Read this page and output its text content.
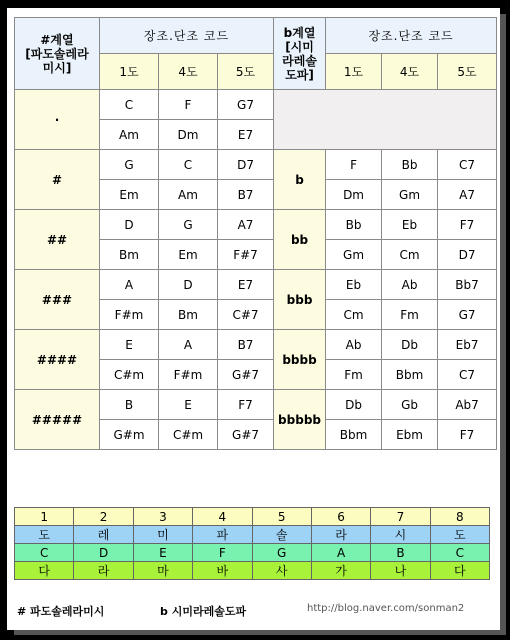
#계열
[파도솔레라
미시]	장조.단조 코드			b계열
[시미
라레솔
도파]	장조.단조 코드		
	1도	4도	5도		1도	4도	5도
·	C	F	G7				
	Am	Dm	E7				
#	G	C	D7	b	F	Bb	C7
	Em	Am	B7		Dm	Gm	A7
##	D	G	A7	bb	Bb	Eb	F7
	Bm	Em	F#7		Gm	Cm	D7
###	A	D	E7	bbb	Eb	Ab	Bb7
	F#m	Bm	C#7		Cm	Fm	G7
####	E	A	B7	bbbb	Ab	Db	Eb7
	C#m	F#m	G#7		Fm	Bbm	C7
#####	B	E	F7	bbbbb	Db	Gb	Ab7
	G#m	C#m	G#7		Bbm	Ebm	F7
1	2	3	4	5	6	7	8
도	레	미	파	솔	라	시	도
C	D	E	F	G	A	B	C
다	라	마	바	사	가	나	다
# 파도솔레라미시	b 시미라레솔도파	http://blog.naver.com/sonman2
